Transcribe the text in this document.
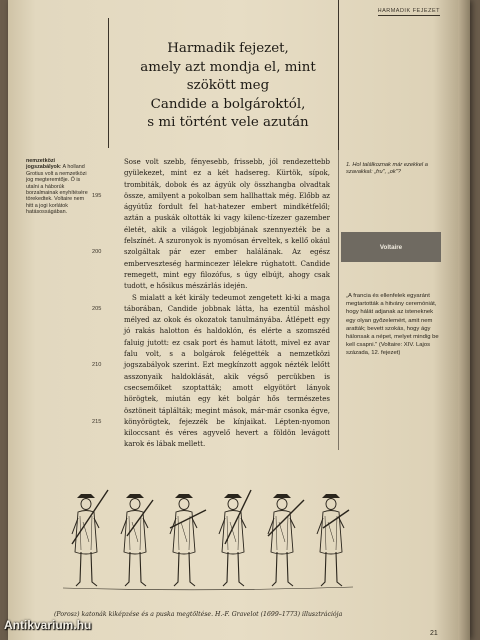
HARMADIK FEJEZET
Harmadik fejezet,
amely azt mondja el, mint
szökött meg
Candide a bolgároktól,
s mi történt vele azután
nemzetközi jogszabályok: A holland Grotius volt a nemzetközi jog megteremtője. Ő is utalni a háborúk borzalmainak enyhítésére törekedtek. Voltaire nem hitt a jogi korlátok hatásosságában.
195
200
205
210
215

Sose volt szebb, fényesebb, frissebb, jól rendezettebb gyülekezet, mint ez a két hadsereg. Kürtök, sípok, trombiták, dobok és az ágyúk oly összhangba olvadtak össze, amilyent a pokolban sem hallhattak még. Előbb az ágyútűz fordult fel hat-hatezer embert mindkétfelől; aztán a puskák oltották ki vagy kilenc-tízezer gazember életét, akik a világok legjobbjának szennyezték be a felszínét. A szuronyok is nyomósan érveltek, s kellő okául szolgáltak pár ezer ember halálának. Az egész emberveszteség harmincezer lélekre rúghatott. Candide remegett, mint egy filozófus, s úgy elbújt, ahogy csak tudott, e hősikus mészárlás idején.

S mialatt a két király tedeumot zengetett ki-ki a maga táborában, Candide jobbnak látta, ha ezentúl máshol mélyed az okok és okozatok tanulmányába. Átlépett egy jó rakás halotton és haldoklón, és elérte a szomszéd faluig jutott: ez csak port és hamut látott, mivel ez avar falu volt, s a bolgárok felégették a nemzetközi jogszabályok szerint. Ezt megkínzott aggok nézték lelőtt asszonyaik haldoklását, akik végső percükben is csecsemőiket szoptatták; amott elgyötört lányok hörögtek, miután egy két bolgár hős természetes ösztöneit táplálták; megint mások, már-már csonka égve, könyörögtek, fejezzék be kínjaikat. Lépten-nyomon kiloccsant és véres agyvelő hevert a földön levágott karok és lábak mellett.

1. Hol találkoznak már ezekkel a szavakkal: „fru", „ok"?
Voltaire
„A francia és ellenfelek egyaránt megtartották a hitvány ceremóniát, hogy hálát adjanak az isteneknek egy olyan győzelemért, amit nem aratták; bevett szokás, hogy ágy hálonsak a népet, melyet mindig be kell csapni." (Voltaire: XIV. Lajos százada, 12. fejezet)
(Porosz) katonák kiképzése és a puska megtöltése. H.-F. Gravelot (1699–1773) illusztrációja
21
Antikvarium.hu
